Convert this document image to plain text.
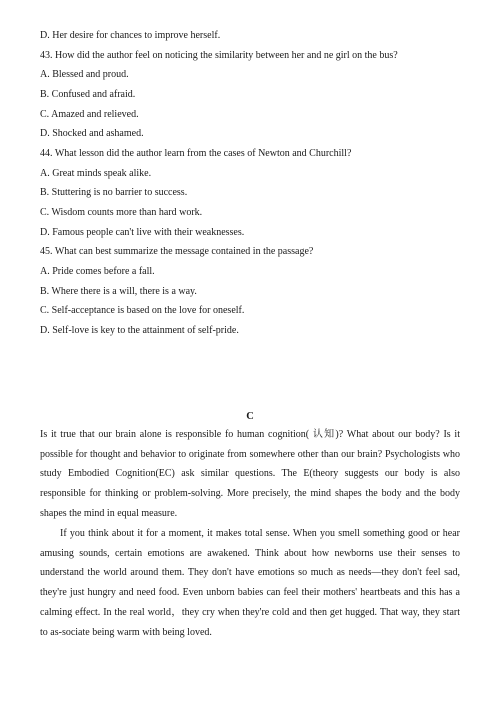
D. Her desire for chances to improve herself.
43. How did the author feel on noticing the similarity between her and ne girl on the bus?
A. Blessed and proud.
B. Confused and afraid.
C. Amazed and relieved.
D. Shocked and ashamed.
44. What lesson did the author learn from the cases of Newton and Churchill?
A. Great minds speak alike.
B. Stuttering is no barrier to success.
C. Wisdom counts more than hard work.
D. Famous people can't live with their weaknesses.
45. What can best summarize the message contained in the passage?
A. Pride comes before a fall.
B. Where there is a will, there is a way.
C. Self-acceptance is based on the love for oneself.
D. Self-love is key to the attainment of self-pride.
C

Is it true that our brain alone is responsible fo human cognition( 认知)? What about our body? Is it possible for thought and behavior to originate from somewhere other than our brain? Psychologists who study Embodied Cognition(EC) ask similar questions. The E(theory suggests our body is also responsible for thinking or problem-solving. More precisely, the mind shapes the body and the body shapes the mind in equal measure.

If you think about it for a moment, it makes total sense. When you smell something good or hear amusing sounds, certain emotions are awakened. Think about how newborns use their senses to understand the world around them. They don't have emotions so much as needs—they don't feel sad, they're just hungry and need food. Even unborn babies can feel their mothers' heartbeats and this has a calming effect. In the real world，they cry when they're cold and then get hugged. That way, they start to as-sociate being warm with being loved.
